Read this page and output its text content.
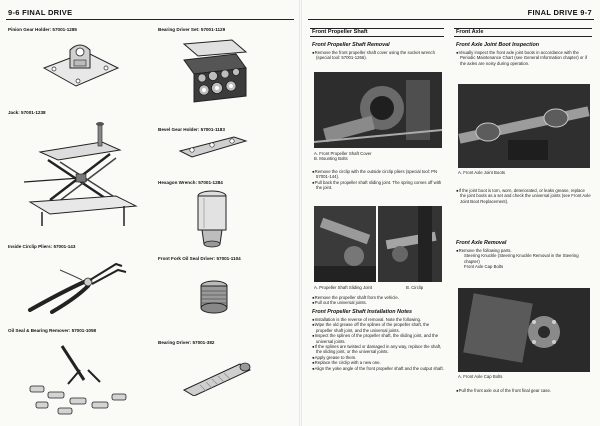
9-6 FINAL DRIVE
Pinion Gear Holder: 57001-1285	Bearing Driver Set: 57001-1129
Jack: 57001-1238
Bevel Gear Holder: 57001-1183
Hexagon Wrench: 57001-1284
Inside Circlip Pliers: 57001-143
Front Fork Oil Seal Driver: 57001-1104
Oil Seal & Bearing Remover: 57001-1058
Bearing Driver: 57001-382
FINAL DRIVE 9-7
Front Propeller Shaft
Front Propeller Shaft Removal
●Remove the front propeller shaft cover using the socket wrench (special tool: 57001-1266).
A. Front Propeller Shaft Cover
B. Mounting Bolts
●Remove the circlip with the outside circlip pliers (special tool: PN 57001-144).
●Pull back the propeller shaft sliding joint. The spring comes off with the joint.
A. Propeller Shaft Sliding Joint	B. Circlip
●Remove the propeller shaft from the vehicle.
●Pull out the universal joints.
Front Propeller Shaft Installation Notes
●Installation is the reverse of removal. Note the following.
●Wipe the old grease off the splines of the propeller shaft, the propeller shaft joint, and the universal joints.
●Inspect the splines of the propeller shaft, the sliding joint, and the universal joints.
●If the splines are twisted or damaged in any way, replace the shaft, the sliding joint, or the universal joints.
●Apply grease to them.
●Replace the circlip with a new one.
●Align the yoke angle of the front propeller shaft and the output shaft.
Front Axle
Front Axle Joint Boot Inspection
●Visually inspect the front axle joint boots in accordance with the Periodic Maintenance Chart (see General Information chapter) or if the axles are noisy during operation.
A. Front Axle Joint Boots
●If the joint boot is torn, worn, deteriorated, or leaks grease, replace the joint boots as a set and check the universal joints (see Front Axle Joint Boot Replacement).
Front Axle Removal
●Remove the following parts.
Steering Knuckle (Steering Knuckle Removal in the Steering chapter)
Front Axle Cap Bolts
A. Front Axle Cap Bolts
●Pull the front axle out of the front final gear case.
